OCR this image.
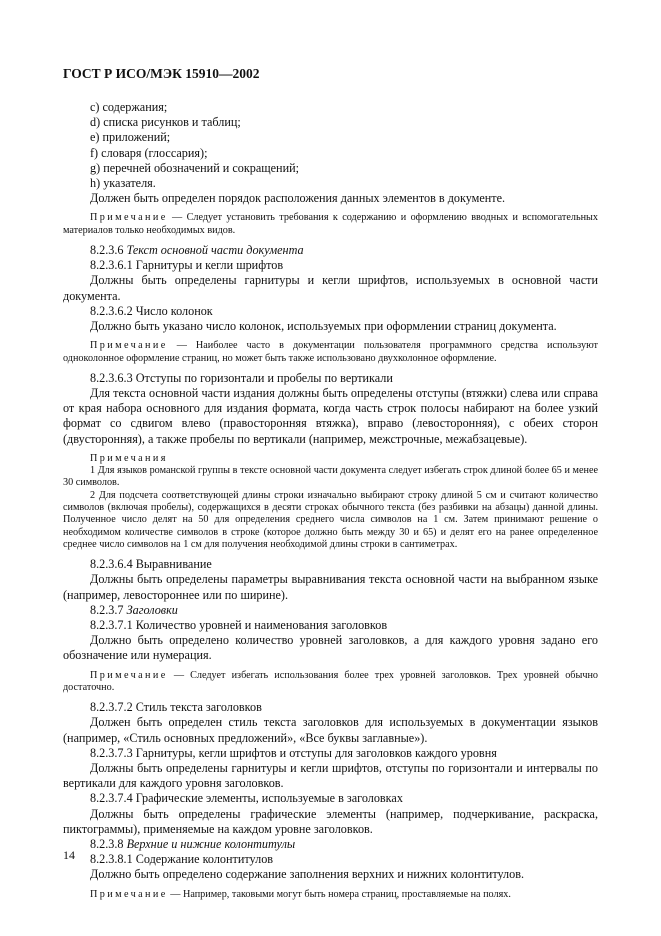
ГОСТ Р ИСО/МЭК 15910—2002

c) содержания;

d) списка рисунков и таблиц;

e) приложений;

f) словаря (глоссария);

g) перечней обозначений и сокращений;

h) указателя.

Должен быть определен порядок расположения данных элементов в документе.

Примечание — Следует установить требования к содержанию и оформлению вводных и вспомогательных материалов только необходимых видов.

8.2.3.6 Текст основной части документа

8.2.3.6.1 Гарнитуры и кегли шрифтов

Должны быть определены гарнитуры и кегли шрифтов, используемых в основной части документа.

8.2.3.6.2 Число колонок

Должно быть указано число колонок, используемых при оформлении страниц документа.

Примечание — Наиболее часто в документации пользователя программного средства используют одноколонное оформление страниц, но может быть также использовано двухколонное оформление.

8.2.3.6.3 Отступы по горизонтали и пробелы по вертикали

Для текста основной части издания должны быть определены отступы (втяжки) слева или справа от края набора основного для издания формата, когда часть строк полосы набирают на более узкий формат со сдвигом влево (правосторонняя втяжка), вправо (левосторонняя), с обеих сторон (двусторонняя), а также пробелы по вертикали (например, межстрочные, межабзацевые).

Примечания

1 Для языков романской группы в тексте основной части документа следует избегать строк длиной более 65 и менее 30 символов.

2 Для подсчета соответствующей длины строки изначально выбирают строку длиной 5 см и считают количество символов (включая пробелы), содержащихся в десяти строках обычного текста (без разбивки на абзацы) данной длины. Полученное число делят на 50 для определения среднего числа символов на 1 см. Затем принимают решение о необходимом количестве символов в строке (которое должно быть между 30 и 65) и делят его на ранее определенное среднее число символов на 1 см для получения необходимой длины строки в сантиметрах.

8.2.3.6.4 Выравнивание

Должны быть определены параметры выравнивания текста основной части на выбранном языке (например, левостороннее или по ширине).

8.2.3.7 Заголовки

8.2.3.7.1 Количество уровней и наименования заголовков

Должно быть определено количество уровней заголовков, а для каждого уровня задано его обозначение или нумерация.

Примечание — Следует избегать использования более трех уровней заголовков. Трех уровней обычно достаточно.

8.2.3.7.2 Стиль текста заголовков

Должен быть определен стиль текста заголовков для используемых в документации языков (например, «Стиль основных предложений», «Все буквы заглавные»).

8.2.3.7.3 Гарнитуры, кегли шрифтов и отступы для заголовков каждого уровня

Должны быть определены гарнитуры и кегли шрифтов, отступы по горизонтали и интервалы по вертикали для каждого уровня заголовков.

8.2.3.7.4 Графические элементы, используемые в заголовках

Должны быть определены графические элементы (например, подчеркивание, раскраска, пиктограммы), применяемые на каждом уровне заголовков.

8.2.3.8 Верхние и нижние колонтитулы

8.2.3.8.1 Содержание колонтитулов

Должно быть определено содержание заполнения верхних и нижних колонтитулов.

Примечание — Например, таковыми могут быть номера страниц, проставляемые на полях.

14
